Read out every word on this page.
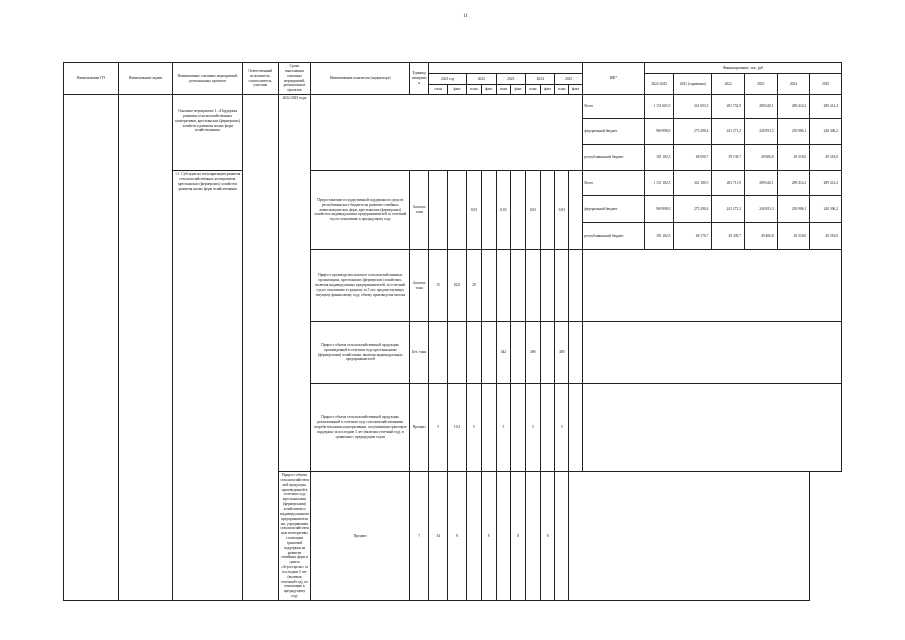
11
Наименование ГП	Наименование задачи	Наименование основных мероприятий, региональных проектов	Ответственный исполнитель, соисполнитель, участник	Сроки выполнения основных мероприятий, региональных проектов	Наименование показателя (индикатора)	Единица измерения											ИФ*	Финансирование, тыс. руб					
							2021 год		2022		2023		2024		2025			2022-2025	2021 (справочно)	2022	2023	2024	2025
							план	факт	план	факт	план	факт	план	факт	план	факт							
		Основное мероприятие 1. «Поддержка развития сельскохозяйственных кооперативов, крестьянских (фермерских) хозяйств и развития малых форм хозяйствования»		2022-2025 годы													Всего	1 151 665,5	341 693,5	281 732,9	289 620,1	289 414,2	289 414,2
																	федеральный бюджет	969 998,0	273 290,4	241 271,2	240 853,5	239 986,1	240 306,2
																	республиканский бюджет	181 182,5	68 090,7	39 139,7	49 006,8	49 318,0	49 318,0
		1.1. Субсидии на популяризацию развития сельскохозяйственных кооперативов, крестьянских (фермерских) хозяйств и развития малых форм хозяйствования			Предоставление государственной поддержки из средств республиканского бюджета на развитие семейных животноводческих ферм, крестьянских (фермерских) хозяйств и индивидуальных предпринимателей за отчетный год по отношению к предыдущему году	Золотых тонн			0,03		0,03		0,03		0,03		Всего	1 151 182,5	341 180,5	281 711,9	289 620,1	289 414,2	289 414,2
																	федеральный бюджет	969 998,0	273 290,4	241 271,2	240 853,3	239 986,1	240 306,2
																	республиканский бюджет	181 182,5	68 170,7	39 439,7	49 406,8	49 318,0	49 318,0
					Прирост производства молока в сельскохозяйственных организациях, крестьянских (фермерских) хозяйствах, включая индивидуальных предпринимателей, за отчетный год по отношению к среднему за 5 лет, предшествующих текущему финансовому году, объему производства молока	Золотых тонн	15	82,0	20														
					Прирост объема сельскохозяйственной продукции, произведенной в отчетном году крестьянскими (фермерскими) хозяйствами, включая индивидуальных предпринимателей	Без. тонн					442		486		480								
					Прирост объема сельскохозяйственной продукции, реализованной в отчетном году сельскохозяйственными потребительскими кооперативами, получившими грантовую поддержку за последние 3 лет (включая отчетный год), в сравнении с предыдущим годом	Процент	5	10,3	5		5		5		5								
				Прирост объема сельскохозяйственной продукции, произведенной в отчетном году крестьянскими (фермерскими) хозяйствами и индивидуальными предпринимателями, учредившими сельскохозяйственные кооперативы с помощью грантовой поддержки на развитие семейных ферм и гранта «Агростартап» за последние 5 лет (включая отчетный год), по отношению к предыдущему году	Процент	7	34	8		8		8		8									
